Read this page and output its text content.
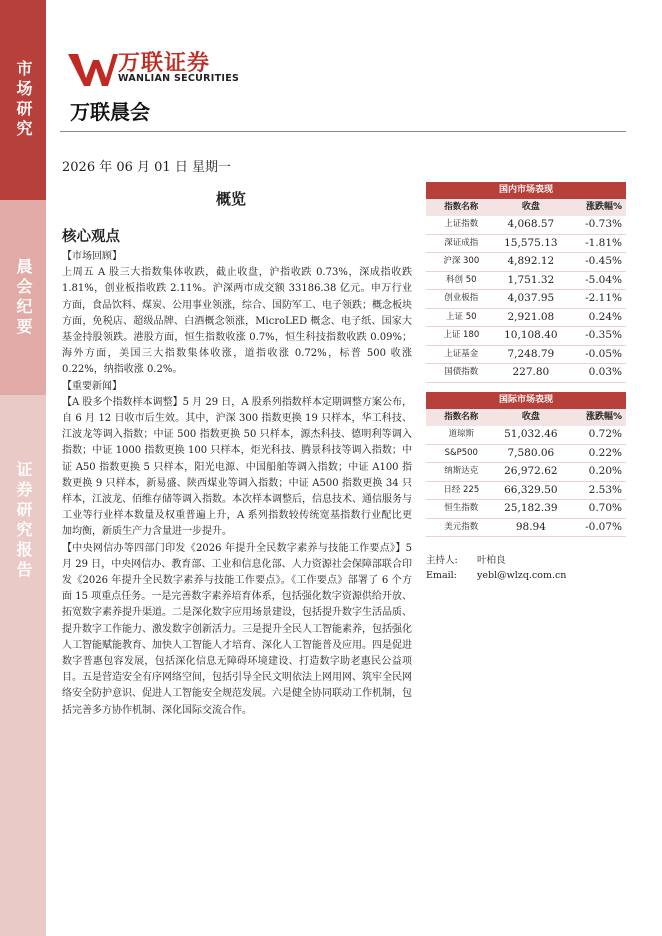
市场研究
晨会纪要
证券研究报告
万联证券
WANLIAN SECURITIES
万联晨会
2026 年 06 月 01 日 星期一
概览
核心观点

【市场回顾】
上周五 A 股三大指数集体收跌，截止收盘，沪指收跌 0.73%，深成指收跌 1.81%，创业板指收跌 2.11%。沪深两市成交额 33186.38 亿元。申万行业方面，食品饮料、煤炭、公用事业领涨，综合、国防军工、电子领跌；概念板块方面，免税店、超级品牌、白酒概念领涨，MicroLED 概念、电子纸、国家大基金持股领跌。港股方面，恒生指数收涨 0.7%，恒生科技指数收跌 0.09%；海外方面，美国三大指数集体收涨，道指收涨 0.72%，标普 500 收涨 0.22%，纳指收涨 0.2%。

【重要新闻】
【A 股多个指数样本调整】5 月 29 日，A 股系列指数样本定期调整方案公布，自 6 月 12 日收市后生效。其中，沪深 300 指数更换 19 只样本，华工科技、江波龙等调入指数；中证 500 指数更换 50 只样本，源杰科技、德明利等调入指数；中证 1000 指数更换 100 只样本，炬光科技、腾景科技等调入指数；中证 A50 指数更换 5 只样本，阳光电源、中国船舶等调入指数；中证 A100 指数更换 9 只样本，新易盛、陕西煤业等调入指数；中证 A500 指数更换 34 只样本，江波龙、佰维存储等调入指数。本次样本调整后，信息技术、通信服务与工业等行业样本数量及权重普遍上升，A 系列指数较传统宽基指数行业配比更加均衡，新质生产力含量进一步提升。

【中央网信办等四部门印发《2026 年提升全民数字素养与技能工作要点》】5 月 29 日，中央网信办、教育部、工业和信息化部、人力资源社会保障部联合印发《2026 年提升全民数字素养与技能工作要点》。《工作要点》部署了 6 个方面 15 项重点任务。一是完善数字素养培育体系，包括强化数字资源供给开放、拓宽数字素养提升渠道。二是深化数字应用场景建设，包括提升数字生活品质、提升数字工作能力、激发数字创新活力。三是提升全民人工智能素养，包括强化人工智能赋能教育、加快人工智能人才培育、深化人工智能普及应用。四是促进数字普惠包容发展，包括深化信息无障碍环境建设、打造数字助老惠民公益项目。五是营造安全有序网络空间，包括引导全民文明依法上网用网、筑牢全民网络安全防护意识、促进人工智能安全规范发展。六是健全协同联动工作机制，包括完善多方协作机制、深化国际交流合作。

国内市场表现
指数名称	收盘	涨跌幅%
上证指数	4,068.57	-0.73%
深证成指	15,575.13	-1.81%
沪深 300	4,892.12	-0.45%
科创 50	1,751.32	-5.04%
创业板指	4,037.95	-2.11%
上证 50	2,921.08	0.24%
上证 180	10,108.40	-0.35%
上证基金	7,248.79	-0.05%
国债指数	227.80	0.03%
国际市场表现
指数名称	收盘	涨跌幅%
道琼斯	51,032.46	0.72%
S&P500	7,580.06	0.22%
纳斯达克	26,972.62	0.20%
日经 225	66,329.50	2.53%
恒生指数	25,182.39	0.70%
美元指数	98.94	-0.07%
主持人: 叶柏良
Email: yebl@wlzq.com.cn
